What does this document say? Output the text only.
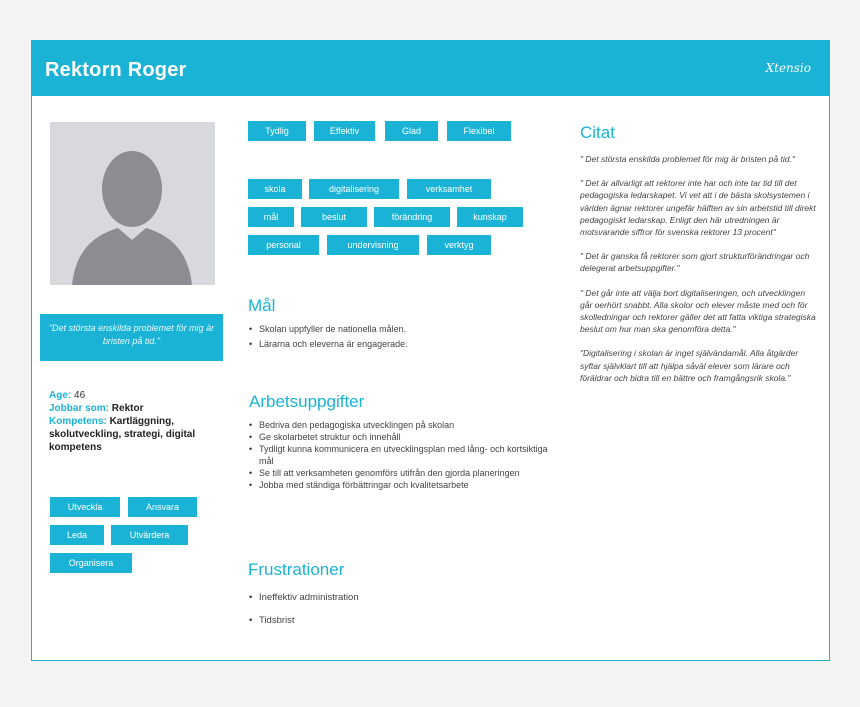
Rektorn Roger	Xtensio
"Det största enskilda problemet för mig är bristen på tid."
Age: 46
Jobbar som: Rektor
Kompetens: Kartläggning, skolutveckling, strategi, digital kompetens
Utveckla	Ansvara
Leda	Utvärdera
Organisera
Tydlig	Effektiv	Glad	Flexibel
skola	digitalisering	verksamhet
mål	beslut	förändring	kunskap
personal	undervisning	verktyg
Mål
• Skolan uppfyller de nationella målen.
• Lärarna och eleverna är engagerade.
Arbetsuppgifter
• Bedriva den pedagogiska utvecklingen på skolan
• Ge skolarbetet struktur och innehåll
• Tydligt kunna kommunicera en utvecklingsplan med lång- och kortsiktiga mål
• Se till att verksamheten genomförs utifrån den gjorda planeringen
• Jobba med ständiga förbättringar och kvalitetsarbete
Frustrationer
• Ineffektiv administration
• Tidsbrist
Citat

" Det största enskilda problemet för mig är bristen på tid."

" Det är allvarligt att rektorer inte har och inte tar tid till det pedagogiska ledarskapet. Vi vet att i de bästa skolsystemen i världen ägnar rektorer ungefär hälften av sin arbetstid till direkt pedagogiskt ledarskap. Enligt den här utredningen är motsvarande siffror för svenska rektorer 13 procent"

" Det är ganska få rektorer som gjort strukturförändringar och delegerat arbetsuppgifter."

" Det går inte att välja bort digitaliseringen, och utvecklingen går oerhört snabbt. Alla skolor och elever måste med och för skolledningar och rektorer gäller det att fatta viktiga strategiska beslut om hur man ska genomföra detta."

"Digitalisering i skolan är inget självändamål. Alla åtgärder syftar självklart till att hjälpa såväl elever som lärare och föräldrar och bidra till en bättre och framgångsrik skola."
